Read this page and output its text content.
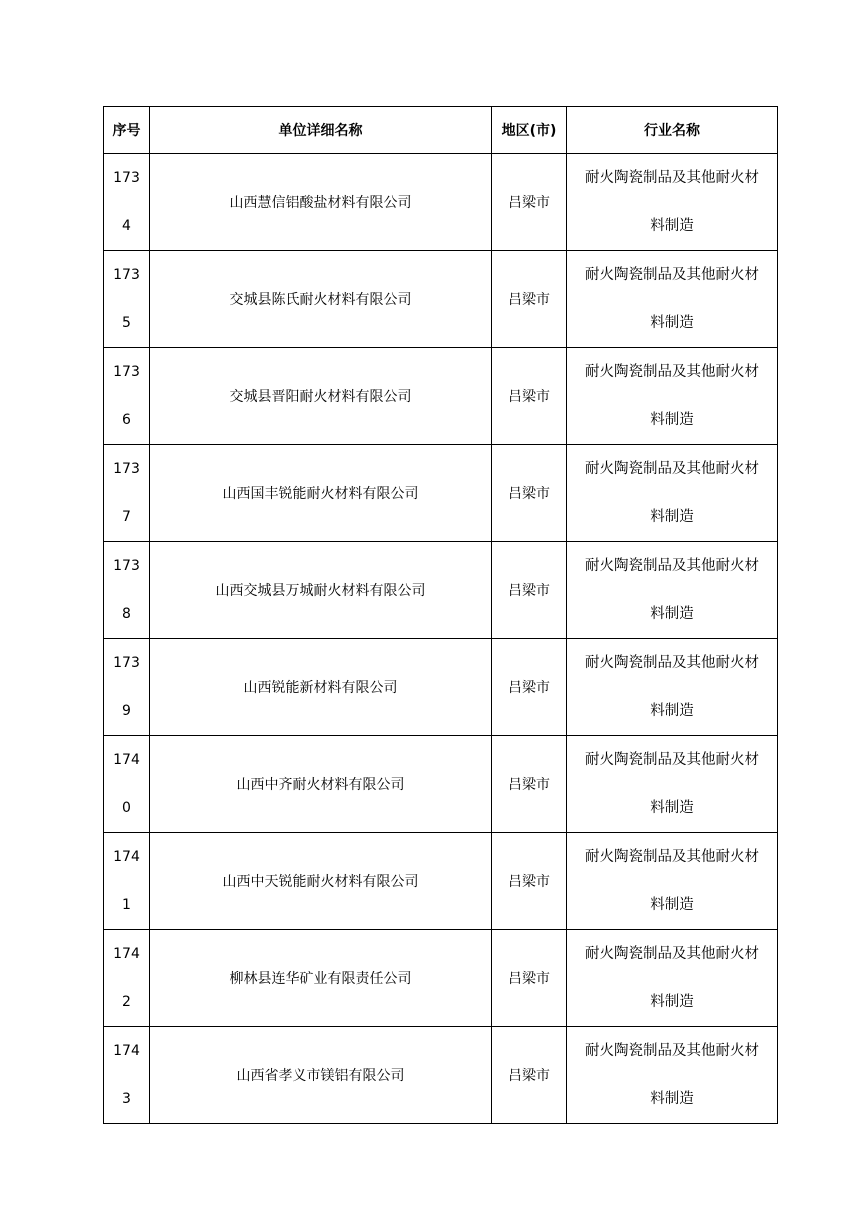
序号	单位详细名称	地区(市)	行业名称

1734	山西慧信铝酸盐材料有限公司	吕梁市	耐火陶瓷制品及其他耐火材料制造

1735	交城县陈氏耐火材料有限公司	吕梁市	耐火陶瓷制品及其他耐火材料制造

1736	交城县晋阳耐火材料有限公司	吕梁市	耐火陶瓷制品及其他耐火材料制造

1737	山西国丰锐能耐火材料有限公司	吕梁市	耐火陶瓷制品及其他耐火材料制造

1738	山西交城县万城耐火材料有限公司	吕梁市	耐火陶瓷制品及其他耐火材料制造

1739	山西锐能新材料有限公司	吕梁市	耐火陶瓷制品及其他耐火材料制造

1740	山西中齐耐火材料有限公司	吕梁市	耐火陶瓷制品及其他耐火材料制造

1741	山西中天锐能耐火材料有限公司	吕梁市	耐火陶瓷制品及其他耐火材料制造

1742	柳林县连华矿业有限责任公司	吕梁市	耐火陶瓷制品及其他耐火材料制造

1743	山西省孝义市镁铝有限公司	吕梁市	耐火陶瓷制品及其他耐火材料制造
